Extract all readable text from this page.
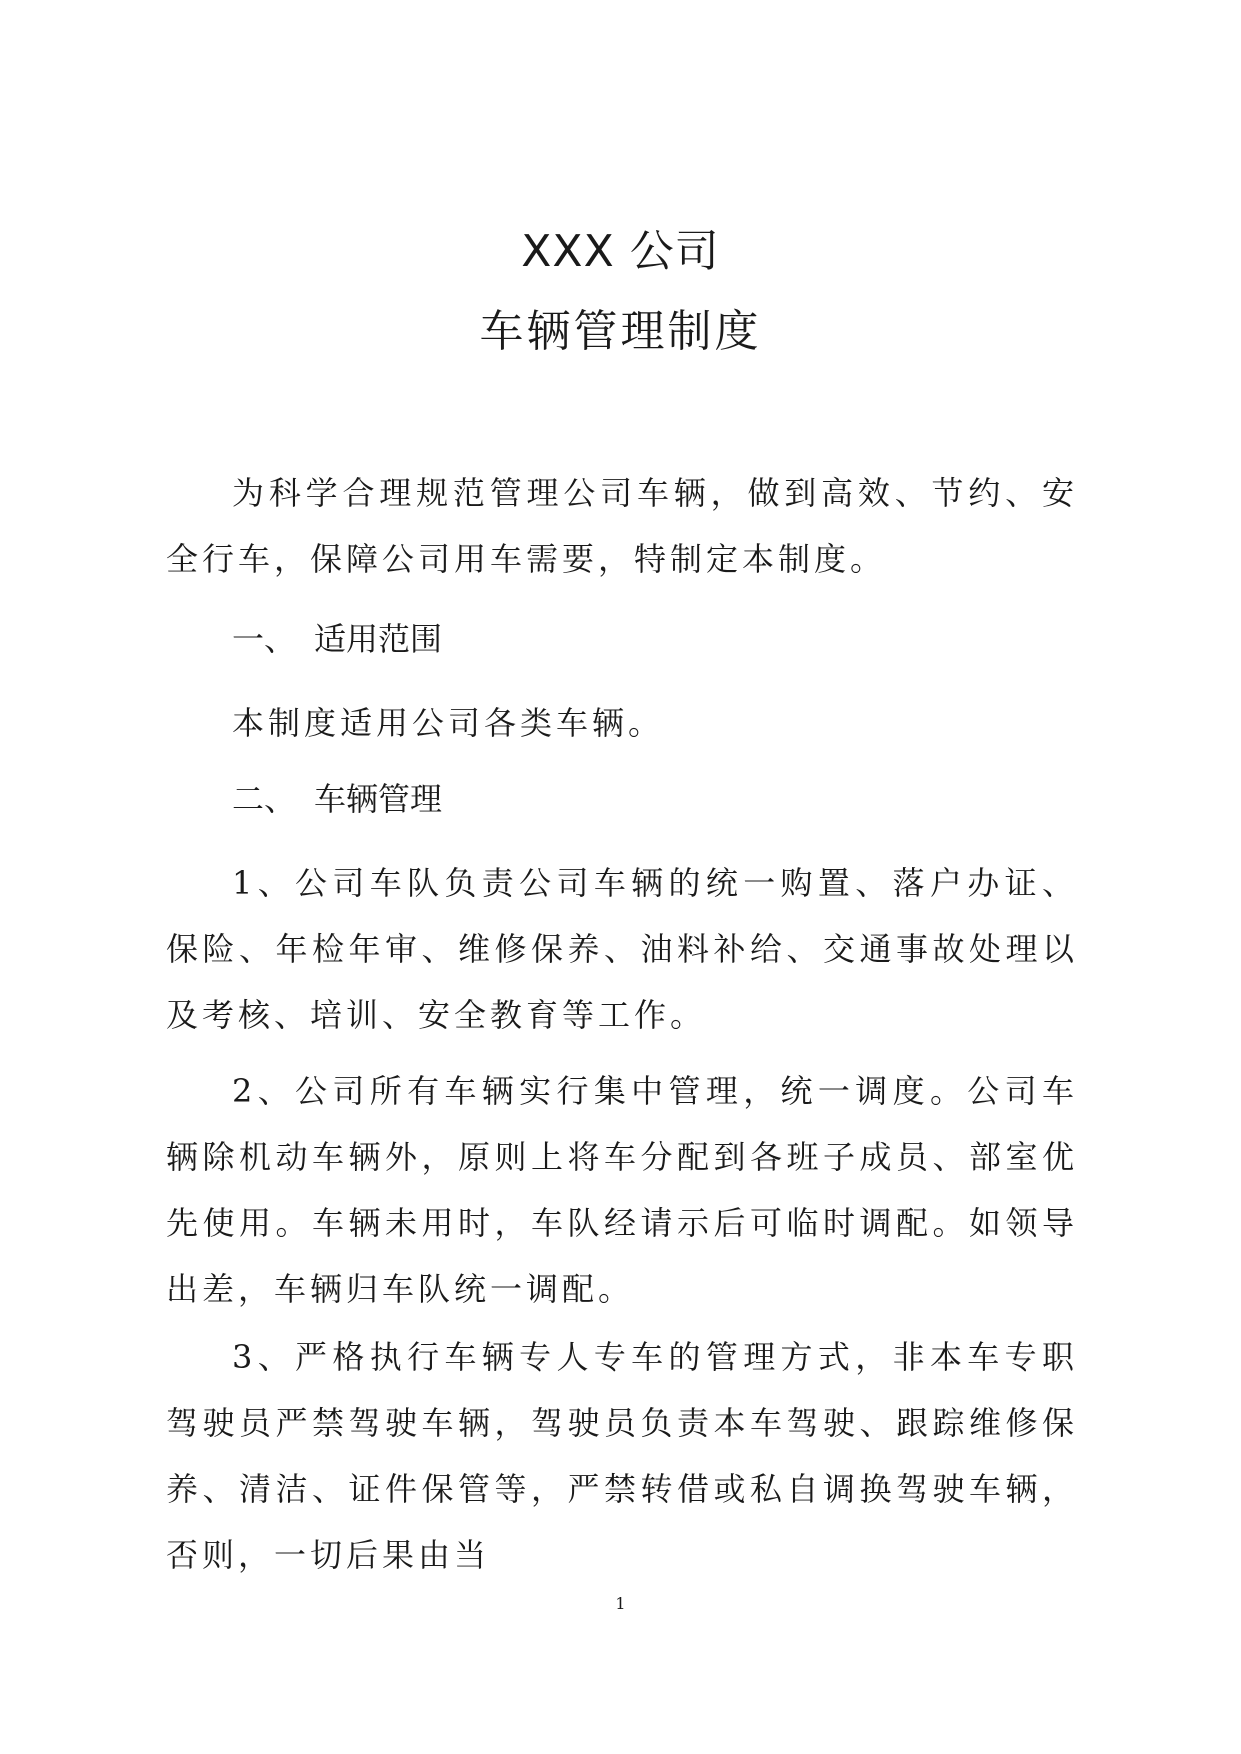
XXX 公司
车辆管理制度

为科学合理规范管理公司车辆，做到高效、节约、安全行车，保障公司用车需要，特制定本制度。

一、 适用范围

本制度适用公司各类车辆。

二、 车辆管理

1、公司车队负责公司车辆的统一购置、落户办证、保险、年检年审、维修保养、油料补给、交通事故处理以及考核、培训、安全教育等工作。

2、公司所有车辆实行集中管理，统一调度。公司车辆除机动车辆外，原则上将车分配到各班子成员、部室优先使用。车辆未用时，车队经请示后可临时调配。如领导出差，车辆归车队统一调配。

3、严格执行车辆专人专车的管理方式，非本车专职驾驶员严禁驾驶车辆，驾驶员负责本车驾驶、跟踪维修保养、清洁、证件保管等，严禁转借或私自调换驾驶车辆，否则，一切后果由当

1
